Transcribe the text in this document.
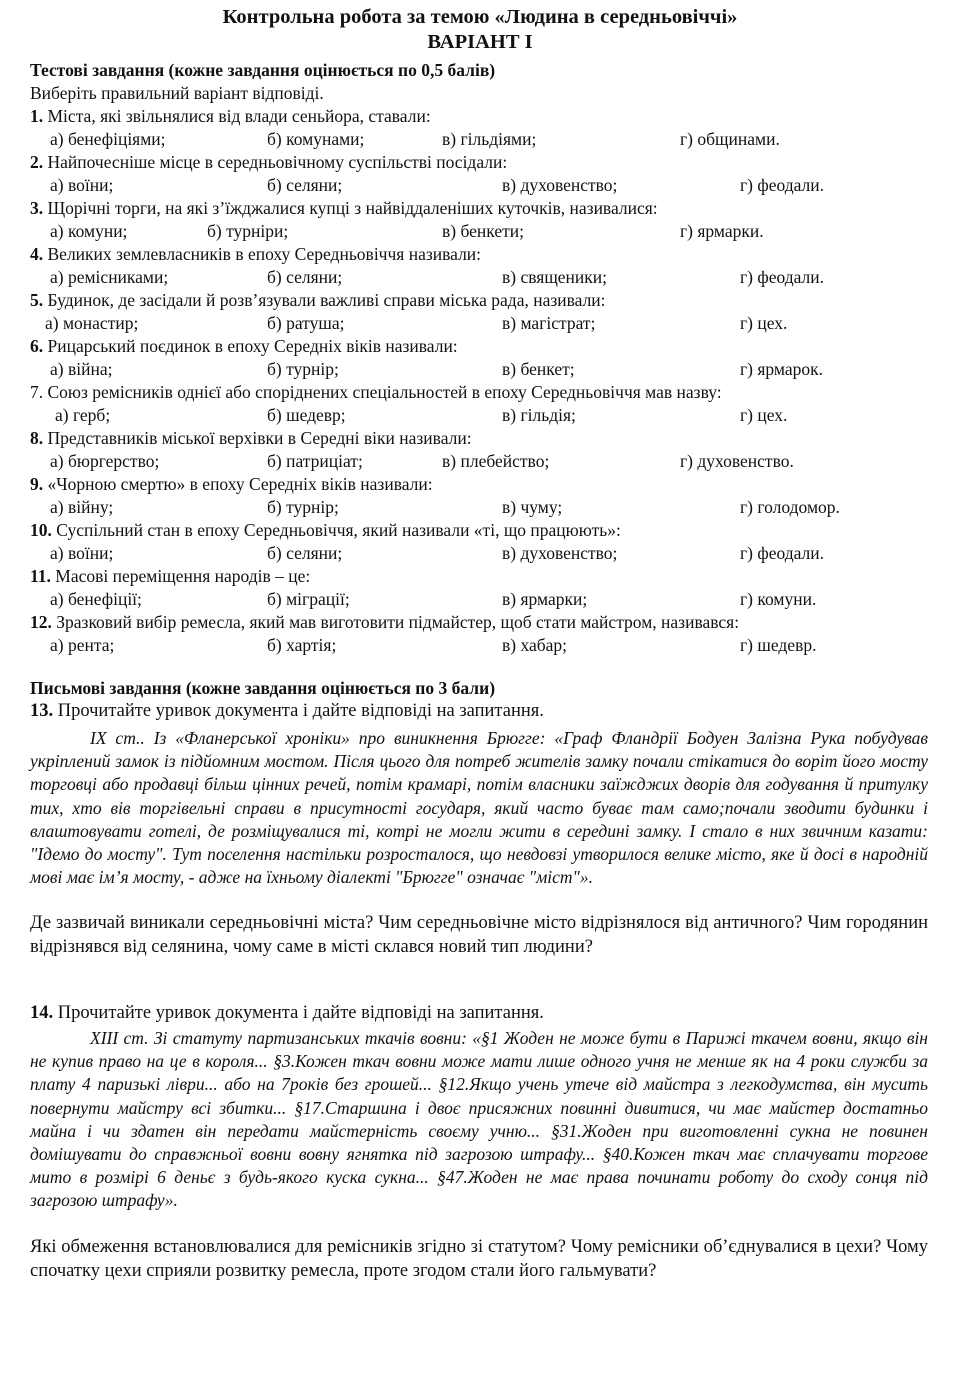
Контрольна робота за темою «Людина в середньовіччі»
ВАРІАНТ І
Тестові завдання (кожне завдання оцінюється по 0,5 балів)
Виберіть правильний варіант відповіді.
1. Міста, які звільнялися від влади сеньйора, ставали:
а) бенефіціями;	б) комунами;	в) гільдіями;	г) общинами.
2. Найпочесніше місце в середньовічному суспільстві посідали:
а) воїни;	б) селяни;	в) духовенство;	г) феодали.
3. Щорічні торги, на які з’їжджалися купці з найвіддаленіших куточків, називалися:
а) комуни;	б) турніри;	в) бенкети;	г) ярмарки.
4. Великих землевласників в епоху Середньовіччя називали:
а) ремісниками;	б) селяни;	в) священики;	г) феодали.
5. Будинок, де засідали й розв’язували важливі справи міська рада, називали:
а) монастир;	б) ратуша;	в) магістрат;	г) цех.
6. Рицарський поєдинок в епоху Середніх віків називали:
а) війна;	б) турнір;	в) бенкет;	г) ярмарок.
7. Союз ремісників однієї або споріднених спеціальностей в епоху Середньовіччя мав назву:
а) герб;	б) шедевр;	в) гільдія;	г) цех.
8. Представників міської верхівки в Середні віки називали:
а) бюргерство;	б) патриціат;	в) плебейство;	г) духовенство.
9. «Чорною смертю» в епоху Середніх віків називали:
а) війну;	б) турнір;	в) чуму;	г) голодомор.
10. Суспільний стан в епоху Середньовіччя, який називали «ті, що працюють»:
а) воїни;	б) селяни;	в) духовенство;	г) феодали.
11. Масові переміщення народів – це:
а) бенефіції;	б) міграції;	в) ярмарки;	г) комуни.
12. Зразковий вибір ремесла, який мав виготовити підмайстер, щоб стати майстром, називався:
а) рента;	б) хартія;	в) хабар;	г) шедевр.
Письмові завдання (кожне завдання оцінюється по 3 бали)
13. Прочитайте уривок документа і дайте відповіді на запитання.
ІХ ст.. Із «Фланерської хроніки» про виникнення Брюгге: «Граф Фландрії Бодуен Залізна Рука побудував укріплений замок із підйомним мостом. Після цього для потреб жителів замку почали стікатися до воріт його мосту торговці або продавці більш цінних речей, потім крамарі, потім власники заїжджих дворів для годування й притулку тих, хто вів торгівельні справи в присутності государя, який часто буває там само;почали зводити будинки і влаштовувати готелі, де розміщувалися ті, котрі не могли жити в середині замку. І стало в них звичним казати: "Ідемо до мосту". Тут поселення настільки розросталося, що невдовзі утворилося велике місто, яке й досі в народній мові має ім’я мосту, - адже на їхньому діалекті "Брюгге" означає "міст"».
Де зазвичай виникали середньовічні міста? Чим середньовічне місто відрізнялося від античного? Чим городянин відрізнявся від селянина, чому саме в місті склався новий тип людини?
14. Прочитайте уривок документа і дайте відповіді на запитання.
ХІІІ ст. Зі статуту партизанських ткачів вовни: «§1 Жоден не може бути в Парижі ткачем вовни, якщо він не купив право на це в короля... §3.Кожен ткач вовни може мати лише одного учня не менше як на 4 роки служби за плату 4 паризькі ліври... або на 7років без грошей... §12.Якщо учень утече від майстра з легкодумства, він мусить повернути майстру всі збитки... §17.Старшина і двоє присяжних повинні дивитися, чи має майстер достатньо майна і чи здатен він передати майстерність своєму учню... §31.Жоден при виготовленні сукна не повинен домішувати до справжньої вовни вовну ягнятка під загрозою штрафу... §40.Кожен ткач має сплачувати торгове мито в розмірі 6 деньє з будь-якого куска сукна... §47.Жоден не має права починати роботу до сходу сонця під загрозою штрафу».
Які обмеження встановлювалися для ремісників згідно зі статутом? Чому ремісники об’єднувалися в цехи? Чому спочатку цехи сприяли розвитку ремесла, проте згодом стали його гальмувати?
